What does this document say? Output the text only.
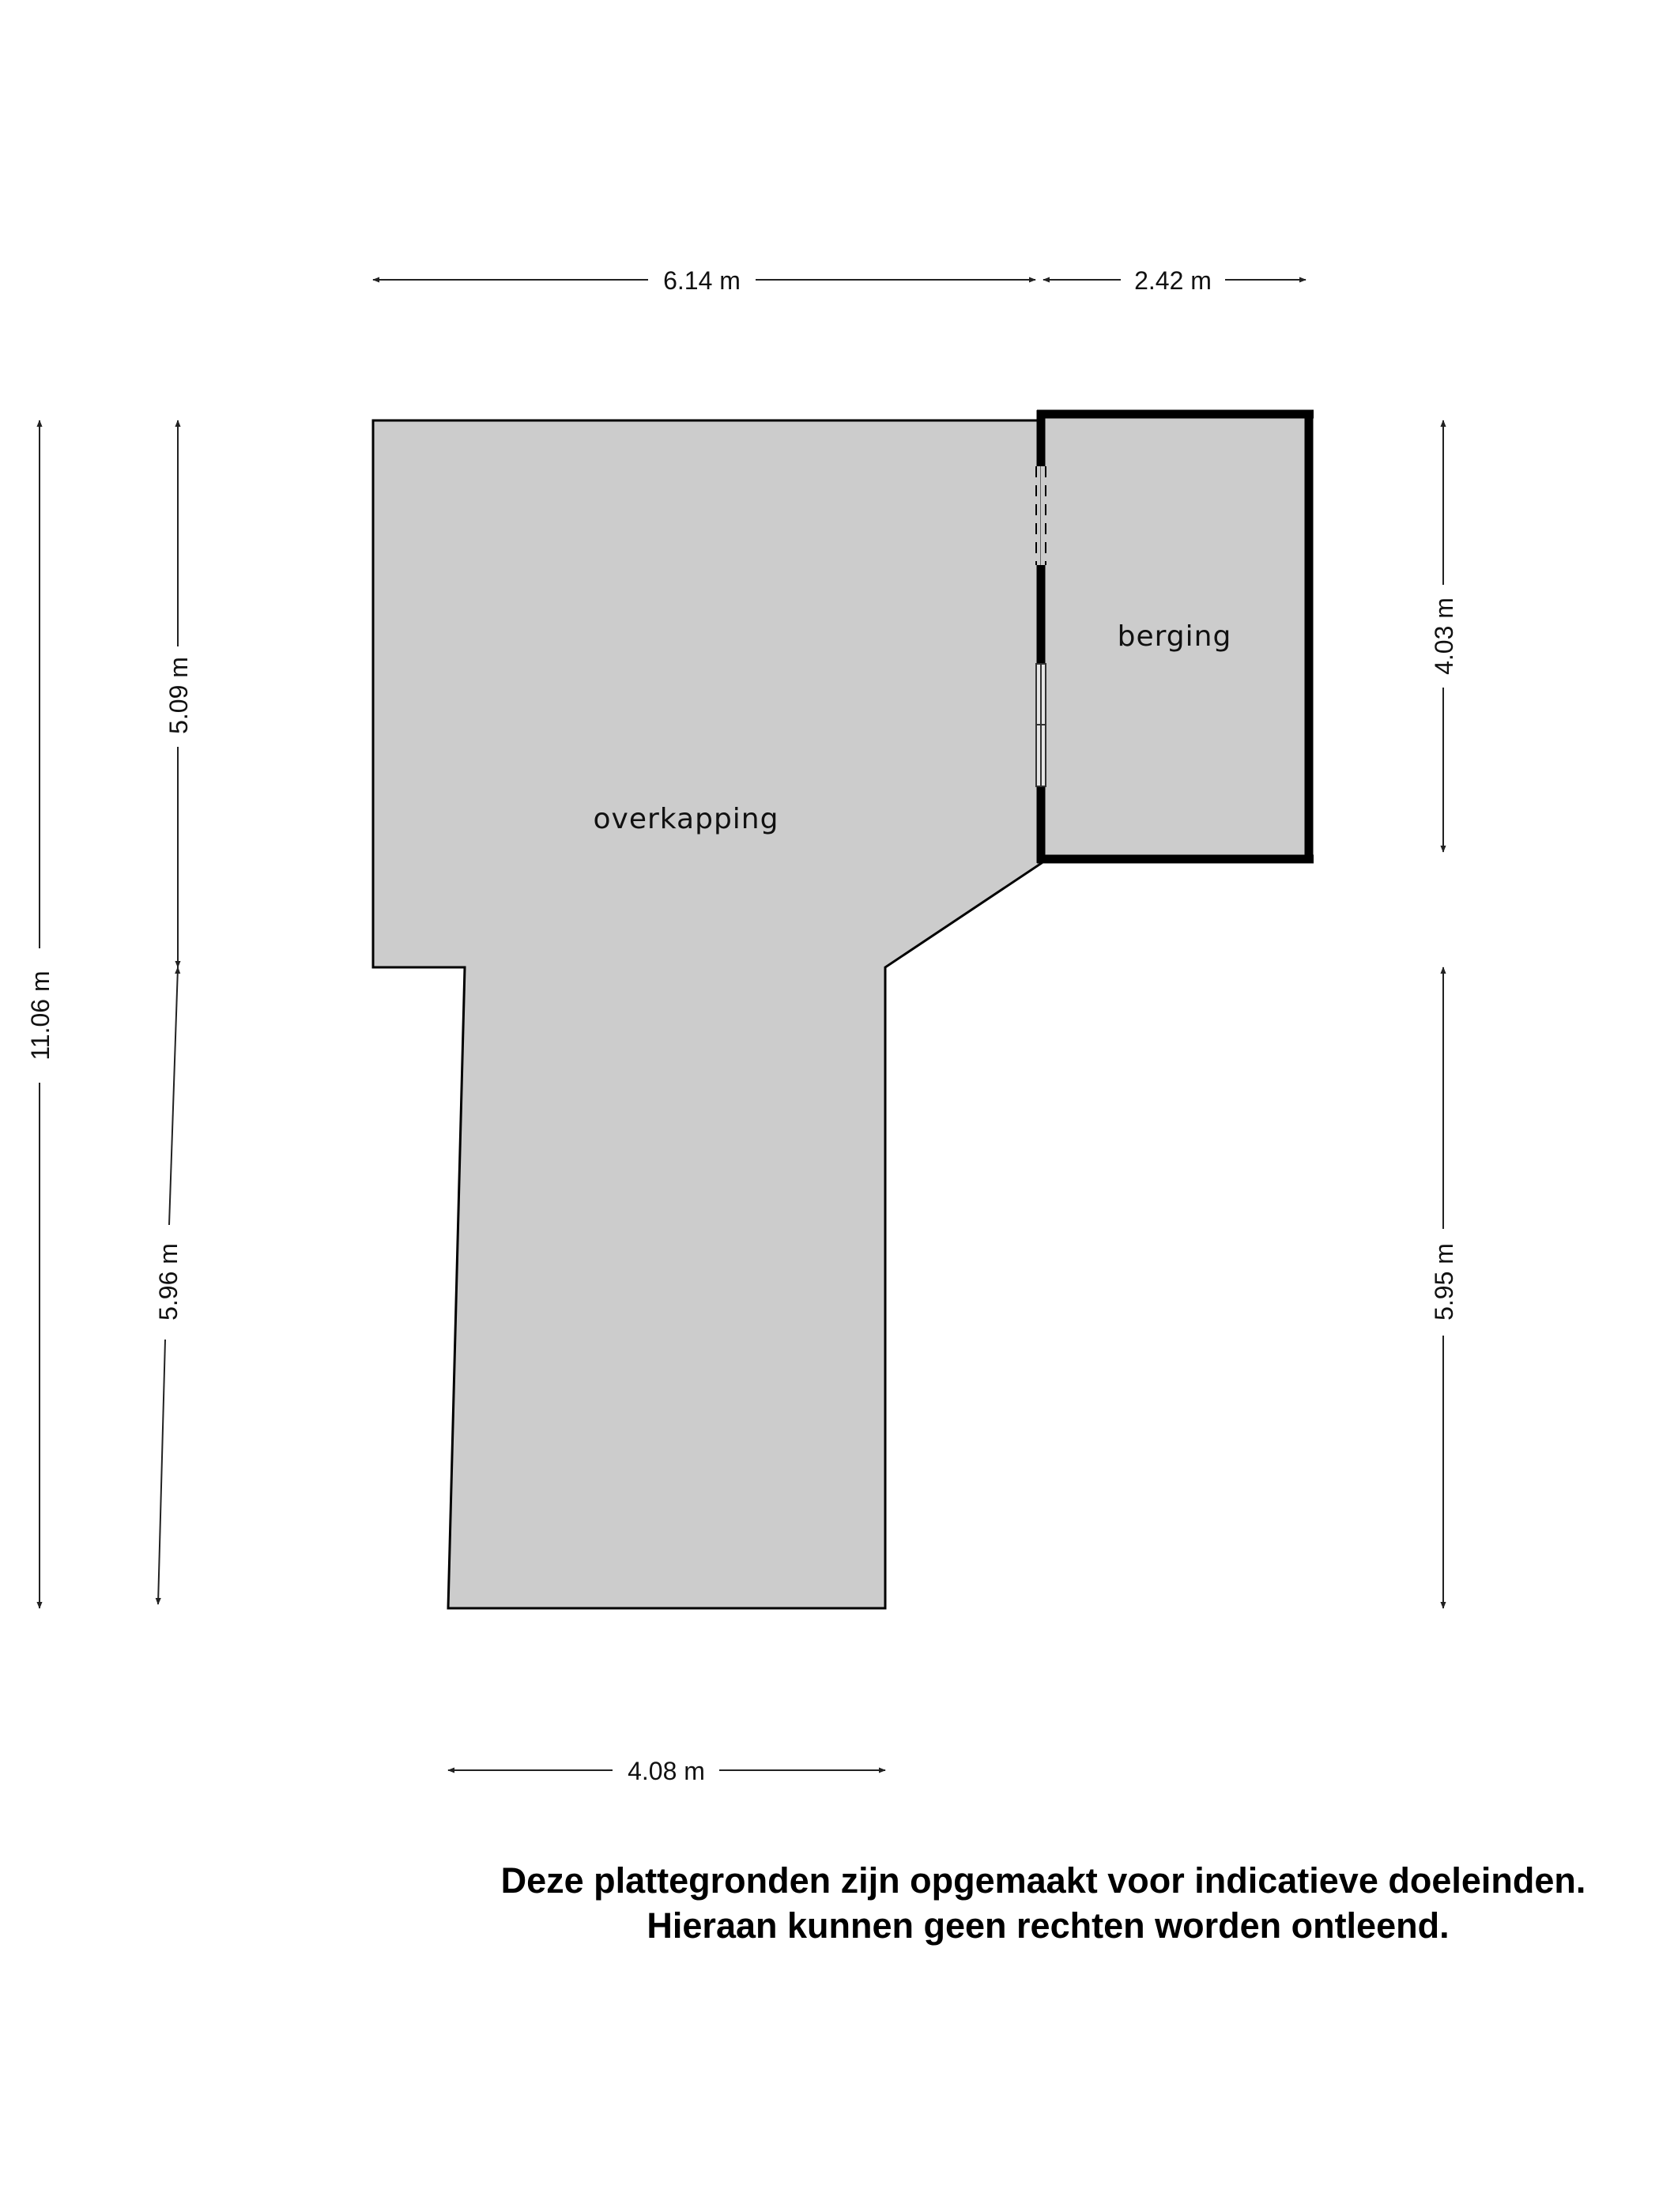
overkapping
berging
6.14 m	2.42 m
11.06 m
5.09 m
5.96 m
4.03 m
5.95 m
4.08 m
Deze plattegronden zijn opgemaakt voor indicatieve doeleinden.
Hieraan kunnen geen rechten worden ontleend.
